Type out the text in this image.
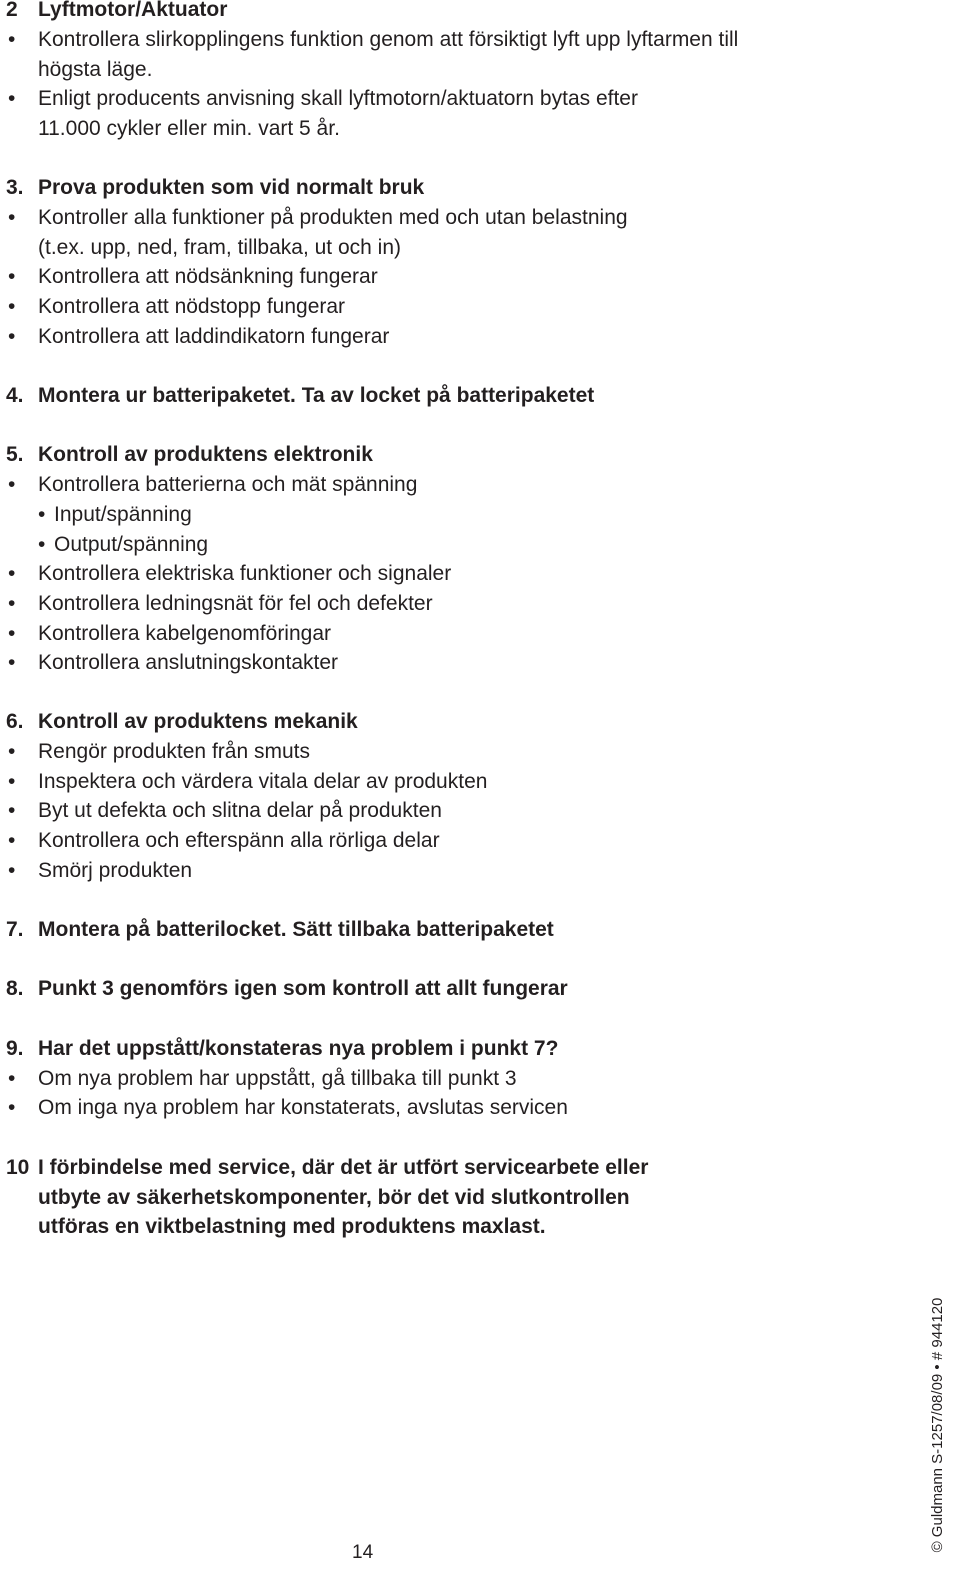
2 Lyftmotor/Aktuator
• Kontrollera slirkopplingens funktion genom att försiktigt lyft upp lyftarmen till
högsta läge.
• Enligt producents anvisning skall lyftmotorn/aktuatorn bytas efter
11.000 cykler eller min. vart 5 år.
3. Prova produkten som vid normalt bruk
• Kontroller alla funktioner på produkten med och utan belastning
(t.ex. upp, ned, fram, tillbaka, ut och in)
• Kontrollera att nödsänkning fungerar
• Kontrollera att nödstopp fungerar
• Kontrollera att laddindikatorn fungerar
4. Montera ur batteripaketet. Ta av locket på batteripaketet
5. Kontroll av produktens elektronik
• Kontrollera batterierna och mät spänning
• Input/spänning
• Output/spänning
• Kontrollera elektriska funktioner och signaler
• Kontrollera ledningsnät för fel och defekter
• Kontrollera kabelgenomföringar
• Kontrollera anslutningskontakter
6. Kontroll av produktens mekanik
• Rengör produkten från smuts
• Inspektera och värdera vitala delar av produkten
• Byt ut defekta och slitna delar på produkten
• Kontrollera och efterspänn alla rörliga delar
• Smörj produkten
7. Montera på batterilocket. Sätt tillbaka batteripaketet
8. Punkt 3 genomförs igen som kontroll att allt fungerar
9. Har det uppstått/konstateras nya problem i punkt 7?
• Om nya problem har uppstått, gå tillbaka till punkt 3
• Om inga nya problem har konstaterats, avslutas servicen
10 I förbindelse med service, där det är utfört servicearbete eller
utbyte av säkerhetskomponenter, bör det vid slutkontrollen
utföras en viktbelastning med produktens maxlast.
14
© Guldmann S-1257/08/09 • # 944120
